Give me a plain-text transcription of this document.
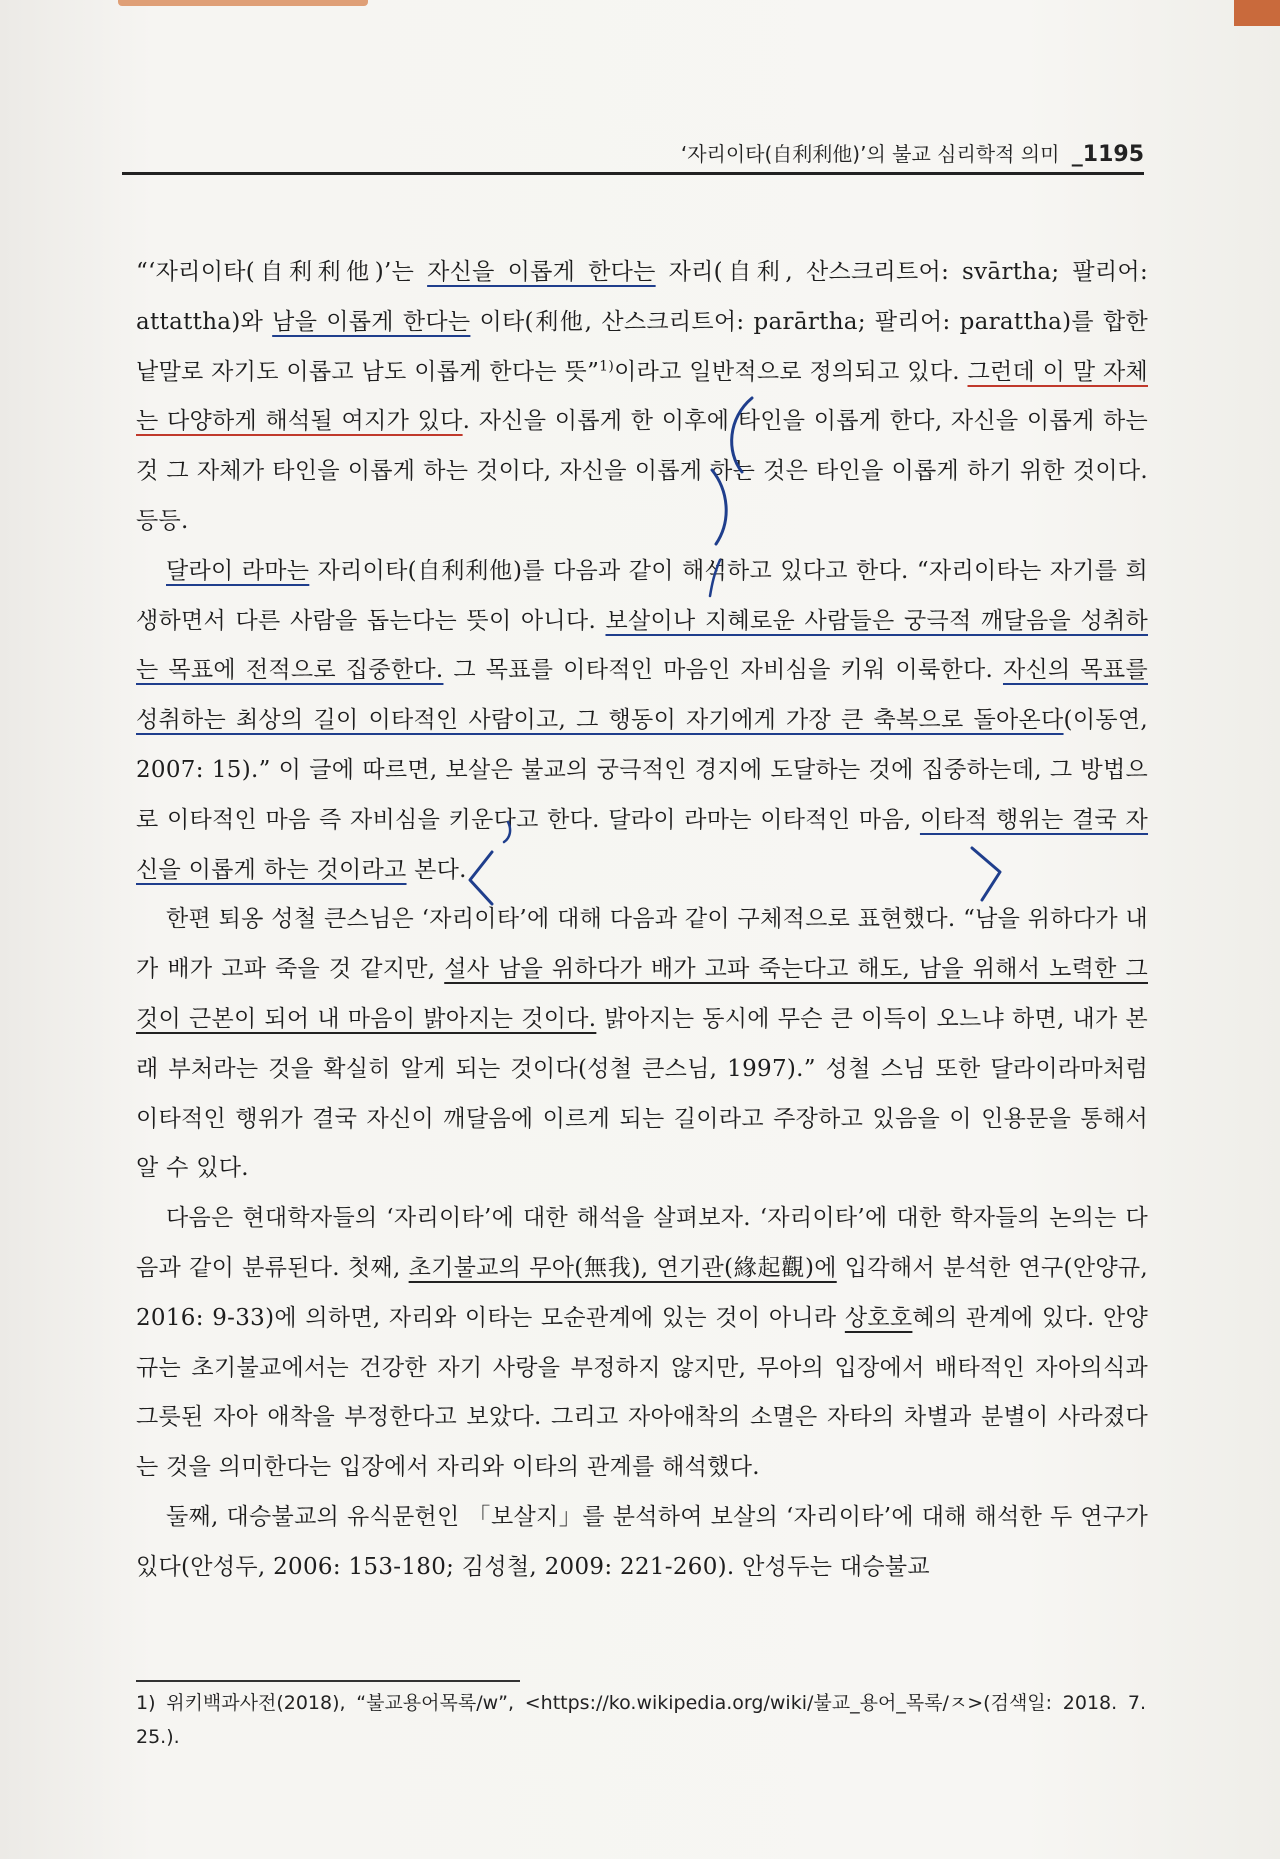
‘자리이타(自利利他)’의 불교 심리학적 의미 _1195

“‘자리이타(自利利他)’는 자신을 이롭게 한다는 자리(自利, 산스크리트어: svārtha; 팔리어: attattha)와 남을 이롭게 한다는 이타(利他, 산스크리트어: parārtha; 팔리어: parattha)를 합한 낱말로 자기도 이롭고 남도 이롭게 한다는 뜻”$^{1)}$이라고 일반적으로 정의되고 있다. 그런데 이 말 자체는 다양하게 해석될 여지가 있다. 자신을 이롭게 한 이후에 타인을 이롭게 한다, 자신을 이롭게 하는 것 그 자체가 타인을 이롭게 하는 것이다, 자신을 이롭게 하는 것은 타인을 이롭게 하기 위한 것이다. 등등.

달라이 라마는 자리이타(自利利他)를 다음과 같이 해석하고 있다고 한다. “자리이타는 자기를 희생하면서 다른 사람을 돕는다는 뜻이 아니다. 보살이나 지혜로운 사람들은 궁극적 깨달음을 성취하는 목표에 전적으로 집중한다. 그 목표를 이타적인 마음인 자비심을 키워 이룩한다. 자신의 목표를 성취하는 최상의 길이 이타적인 사람이고, 그 행동이 자기에게 가장 큰 축복으로 돌아온다(이동연, 2007: 15).” 이 글에 따르면, 보살은 불교의 궁극적인 경지에 도달하는 것에 집중하는데, 그 방법으로 이타적인 마음 즉 자비심을 키운다고 한다. 달라이 라마는 이타적인 마음, 이타적 행위는 결국 자신을 이롭게 하는 것이라고 본다.

한편 퇴옹 성철 큰스님은 ‘자리이타’에 대해 다음과 같이 구체적으로 표현했다. “남을 위하다가 내가 배가 고파 죽을 것 같지만, 설사 남을 위하다가 배가 고파 죽는다고 해도, 남을 위해서 노력한 그것이 근본이 되어 내 마음이 밝아지는 것이다. 밝아지는 동시에 무슨 큰 이득이 오느냐 하면, 내가 본래 부처라는 것을 확실히 알게 되는 것이다(성철 큰스님, 1997).” 성철 스님 또한 달라이라마처럼 이타적인 행위가 결국 자신이 깨달음에 이르게 되는 길이라고 주장하고 있음을 이 인용문을 통해서 알 수 있다.

다음은 현대학자들의 ‘자리이타’에 대한 해석을 살펴보자. ‘자리이타’에 대한 학자들의 논의는 다음과 같이 분류된다. 첫째, 초기불교의 무아(無我), 연기관(緣起觀)에 입각해서 분석한 연구(안양규, 2016: 9-33)에 의하면, 자리와 이타는 모순관계에 있는 것이 아니라 상호호혜의 관계에 있다. 안양규는 초기불교에서는 건강한 자기 사랑을 부정하지 않지만, 무아의 입장에서 배타적인 자아의식과 그릇된 자아 애착을 부정한다고 보았다. 그리고 자아애착의 소멸은 자타의 차별과 분별이 사라졌다는 것을 의미한다는 입장에서 자리와 이타의 관계를 해석했다.

둘째, 대승불교의 유식문헌인 「보살지」를 분석하여 보살의 ‘자리이타’에 대해 해석한 두 연구가 있다(안성두, 2006: 153-180; 김성철, 2009: 221-260). 안성두는 대승불교

1) 위키백과사전(2018), “불교용어목록/w”, <https://ko.wikipedia.org/wiki/불교_용어_목록/ㅈ>(검색일: 2018. 7. 25.).
